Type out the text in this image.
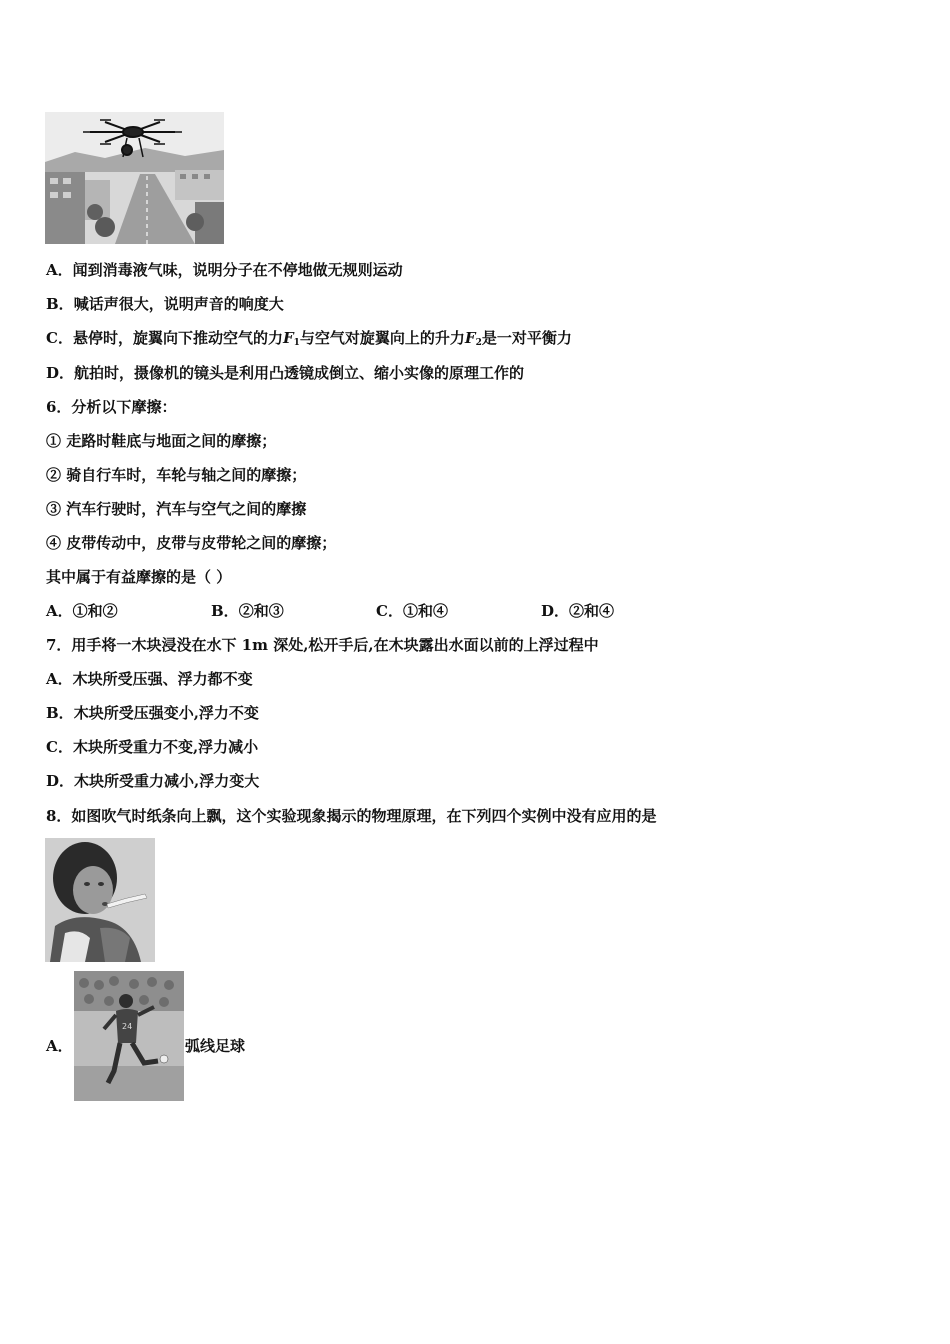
A．闻到消毒液气味，说明分子在不停地做无规则运动
B．喊话声很大，说明声音的响度大
C．悬停时，旋翼向下推动空气的力$F_1$与空气对旋翼向上的升力$F_2$是一对平衡力
D．航拍时，摄像机的镜头是利用凸透镜成倒立、缩小实像的原理工作的
6．分析以下摩擦：
① 走路时鞋底与地面之间的摩擦；
② 骑自行车时，车轮与轴之间的摩擦；
③ 汽车行驶时，汽车与空气之间的摩擦
④ 皮带传动中，皮带与皮带轮之间的摩擦；
其中属于有益摩擦的是（ ）
A．①和②	B．②和③	C．①和④	D．②和④
7．用手将一木块浸没在水下 1m 深处,松开手后,在木块露出水面以前的上浮过程中
A．木块所受压强、浮力都不变
B．木块所受压强变小,浮力不变
C．木块所受重力不变,浮力减小
D．木块所受重力减小,浮力变大
8．如图吹气时纸条向上飘，这个实验现象揭示的物理原理，在下列四个实例中没有应用的是
24
A．	弧线足球
